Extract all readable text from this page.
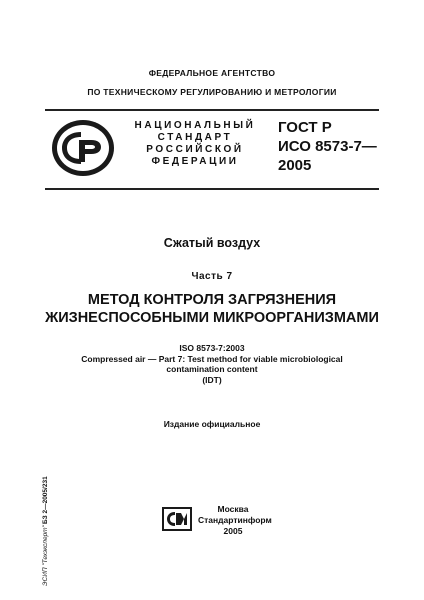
ФЕДЕРАЛЬНОЕ АГЕНТСТВО
ПО ТЕХНИЧЕСКОМУ РЕГУЛИРОВАНИЮ И МЕТРОЛОГИИ
НАЦИОНАЛЬНЫЙ
СТАНДАРТ
РОССИЙСКОЙ
ФЕДЕРАЦИИ
ГОСТ Р
ИСО 8573-7—
2005
Сжатый воздух
Часть 7
МЕТОД КОНТРОЛЯ ЗАГРЯЗНЕНИЯ
ЖИЗНЕСПОСОБНЫМИ МИКРООРГАНИЗМАМИ
ISO 8573-7:2003
Compressed air — Part 7: Test method for viable microbiological
contamination content
(IDT)
Издание официальное
БЗ 2—2005/231
ЭСИП "Техэксперт"
Москва
Стандартинформ
2005
